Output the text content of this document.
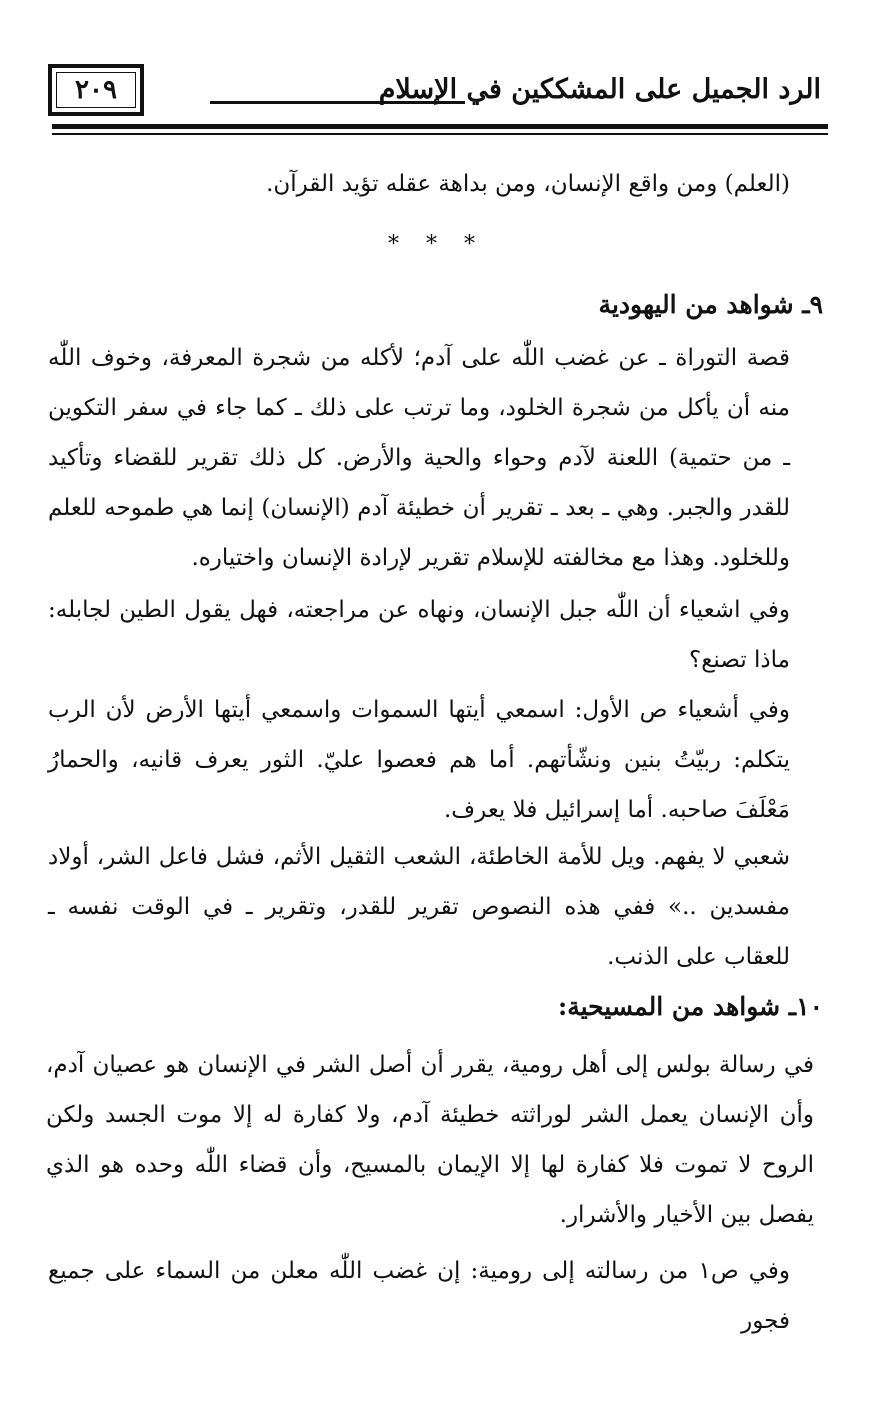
٢٠٩	الرد الجميل على المشككين في الإسلام
(العلم) ومن واقع الإنسان، ومن بداهة عقله تؤيد القرآن.
* * *
٩ـ شواهد من اليهودية
قصة التوراة ـ عن غضب اللّٰه على آدم؛ لأكله من شجرة المعرفة، وخوف اللّٰه منه أن يأكل من شجرة الخلود، وما ترتب على ذلك ـ كما جاء في سفر التكوين ـ من حتمية) اللعنة لآدم وحواء والحية والأرض. كل ذلك تقرير للقضاء وتأكيد للقدر والجبر. وهي ـ بعد ـ تقرير أن خطيئة آدم (الإنسان) إنما هي طموحه للعلم وللخلود. وهذا مع مخالفته للإسلام تقرير لإرادة الإنسان واختياره.
وفي اشعياء أن اللّٰه جبل الإنسان، ونهاه عن مراجعته، فهل يقول الطين لجابله: ماذا تصنع؟
وفي أشعياء ص الأول: اسمعي أيتها السموات واسمعي أيتها الأرض لأن الرب يتكلم: ربيّتُ بنين ونشّأتهم. أما هم فعصوا عليّ. الثور يعرف قانيه، والحمارُ مَعْلَفَ صاحبه. أما إسرائيل فلا يعرف.
شعبي لا يفهم. ويل للأمة الخاطئة، الشعب الثقيل الأثم، فشل فاعل الشر، أولاد مفسدين ..» ففي هذه النصوص تقرير للقدر، وتقرير ـ في الوقت نفسه ـ للعقاب على الذنب.
١٠ـ شواهد من المسيحية:
في رسالة بولس إلى أهل رومية، يقرر أن أصل الشر في الإنسان هو عصيان آدم، وأن الإنسان يعمل الشر لوراثته خطيئة آدم، ولا كفارة له إلا موت الجسد ولكن الروح لا تموت فلا كفارة لها إلا الإيمان بالمسيح، وأن قضاء اللّٰه وحده هو الذي يفصل بين الأخيار والأشرار.
وفي ص١ من رسالته إلى رومية: إن غضب اللّٰه معلن من السماء على جميع فجور
